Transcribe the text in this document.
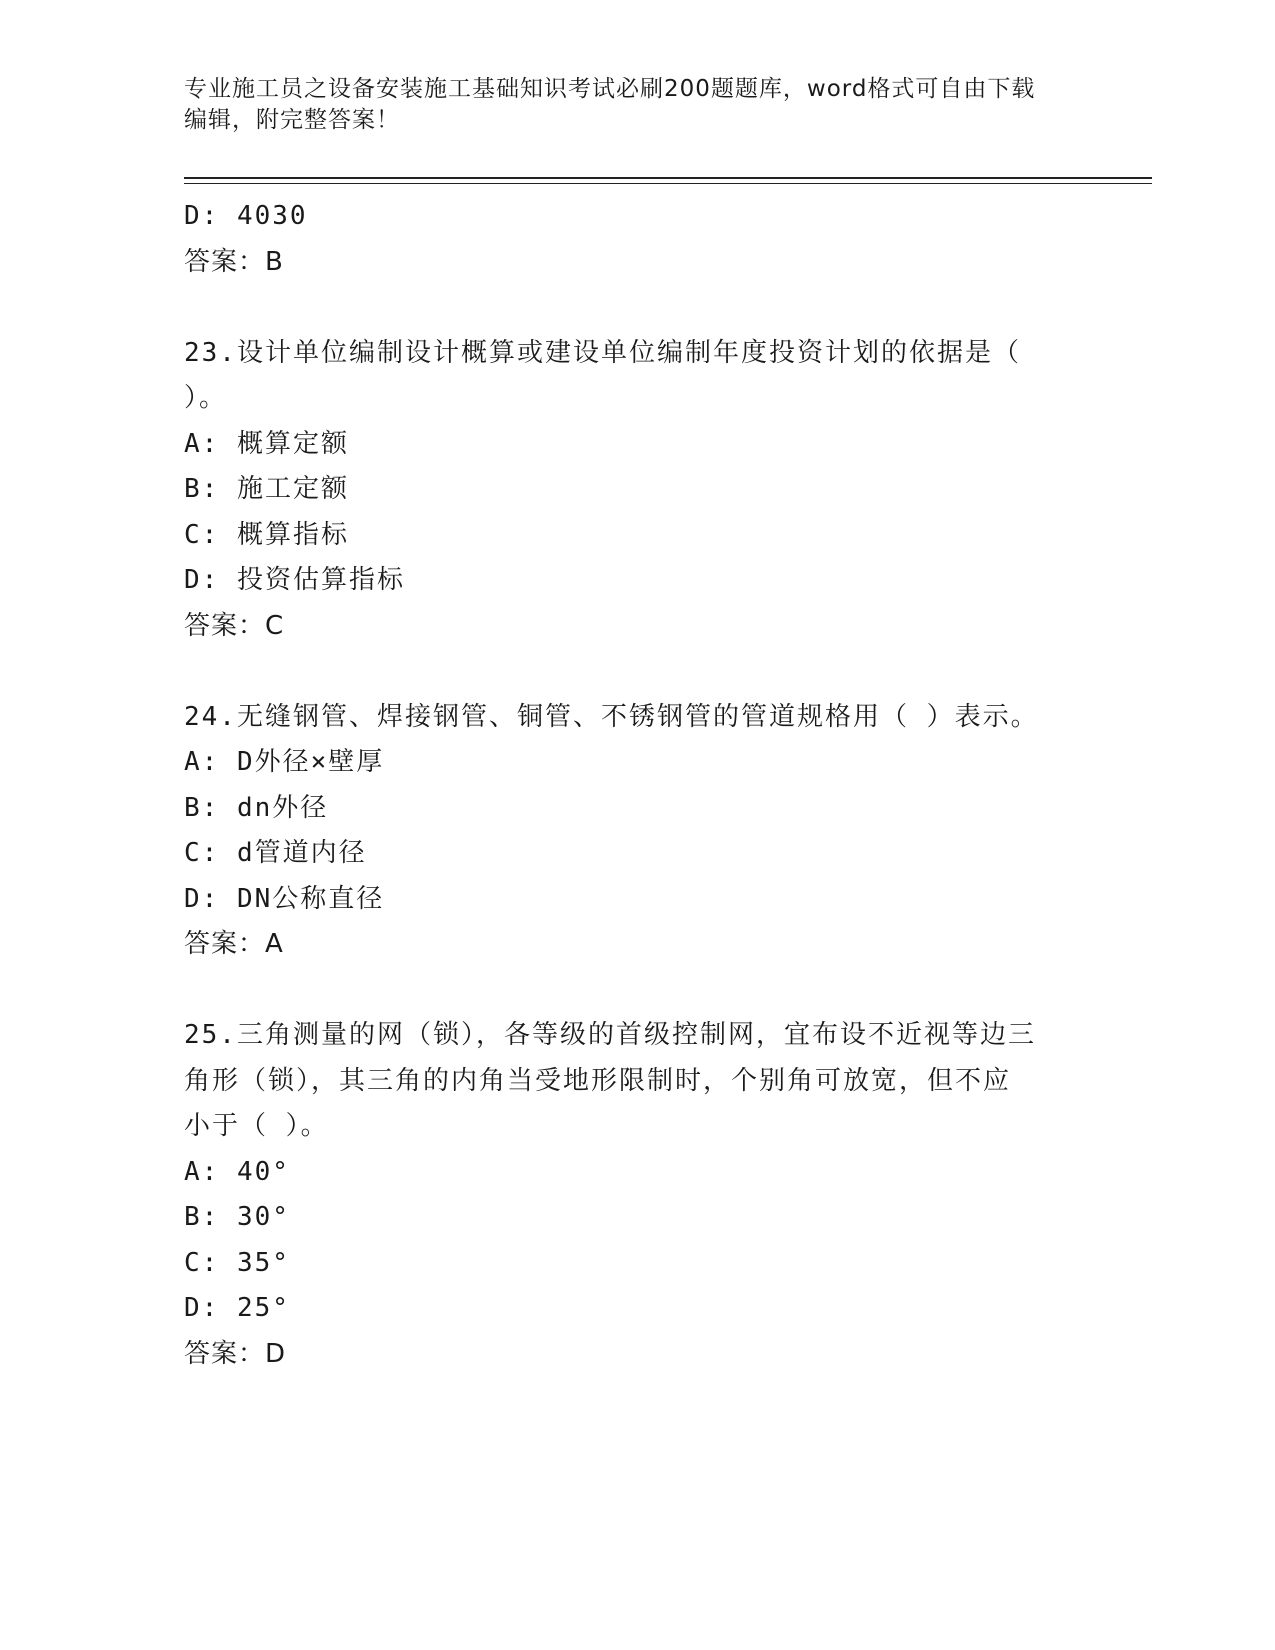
专业施工员之设备安装施工基础知识考试必刷200题题库，word格式可自由下载
编辑，附完整答案！
D: 4030
答案：B
23.设计单位编制设计概算或建设单位编制年度投资计划的依据是（
）。
A: 概算定额
B: 施工定额
C: 概算指标
D: 投资估算指标
答案：C
24.无缝钢管、焊接钢管、铜管、不锈钢管的管道规格用（ ）表示。
A: D外径×壁厚
B: dn外径
C: d管道内径
D: DN公称直径
答案：A
25.三角测量的网（锁），各等级的首级控制网，宜布设不近视等边三
角形（锁），其三角的内角当受地形限制时，个别角可放宽，但不应
小于（ ）。
A: 40°
B: 30°
C: 35°
D: 25°
答案：D
